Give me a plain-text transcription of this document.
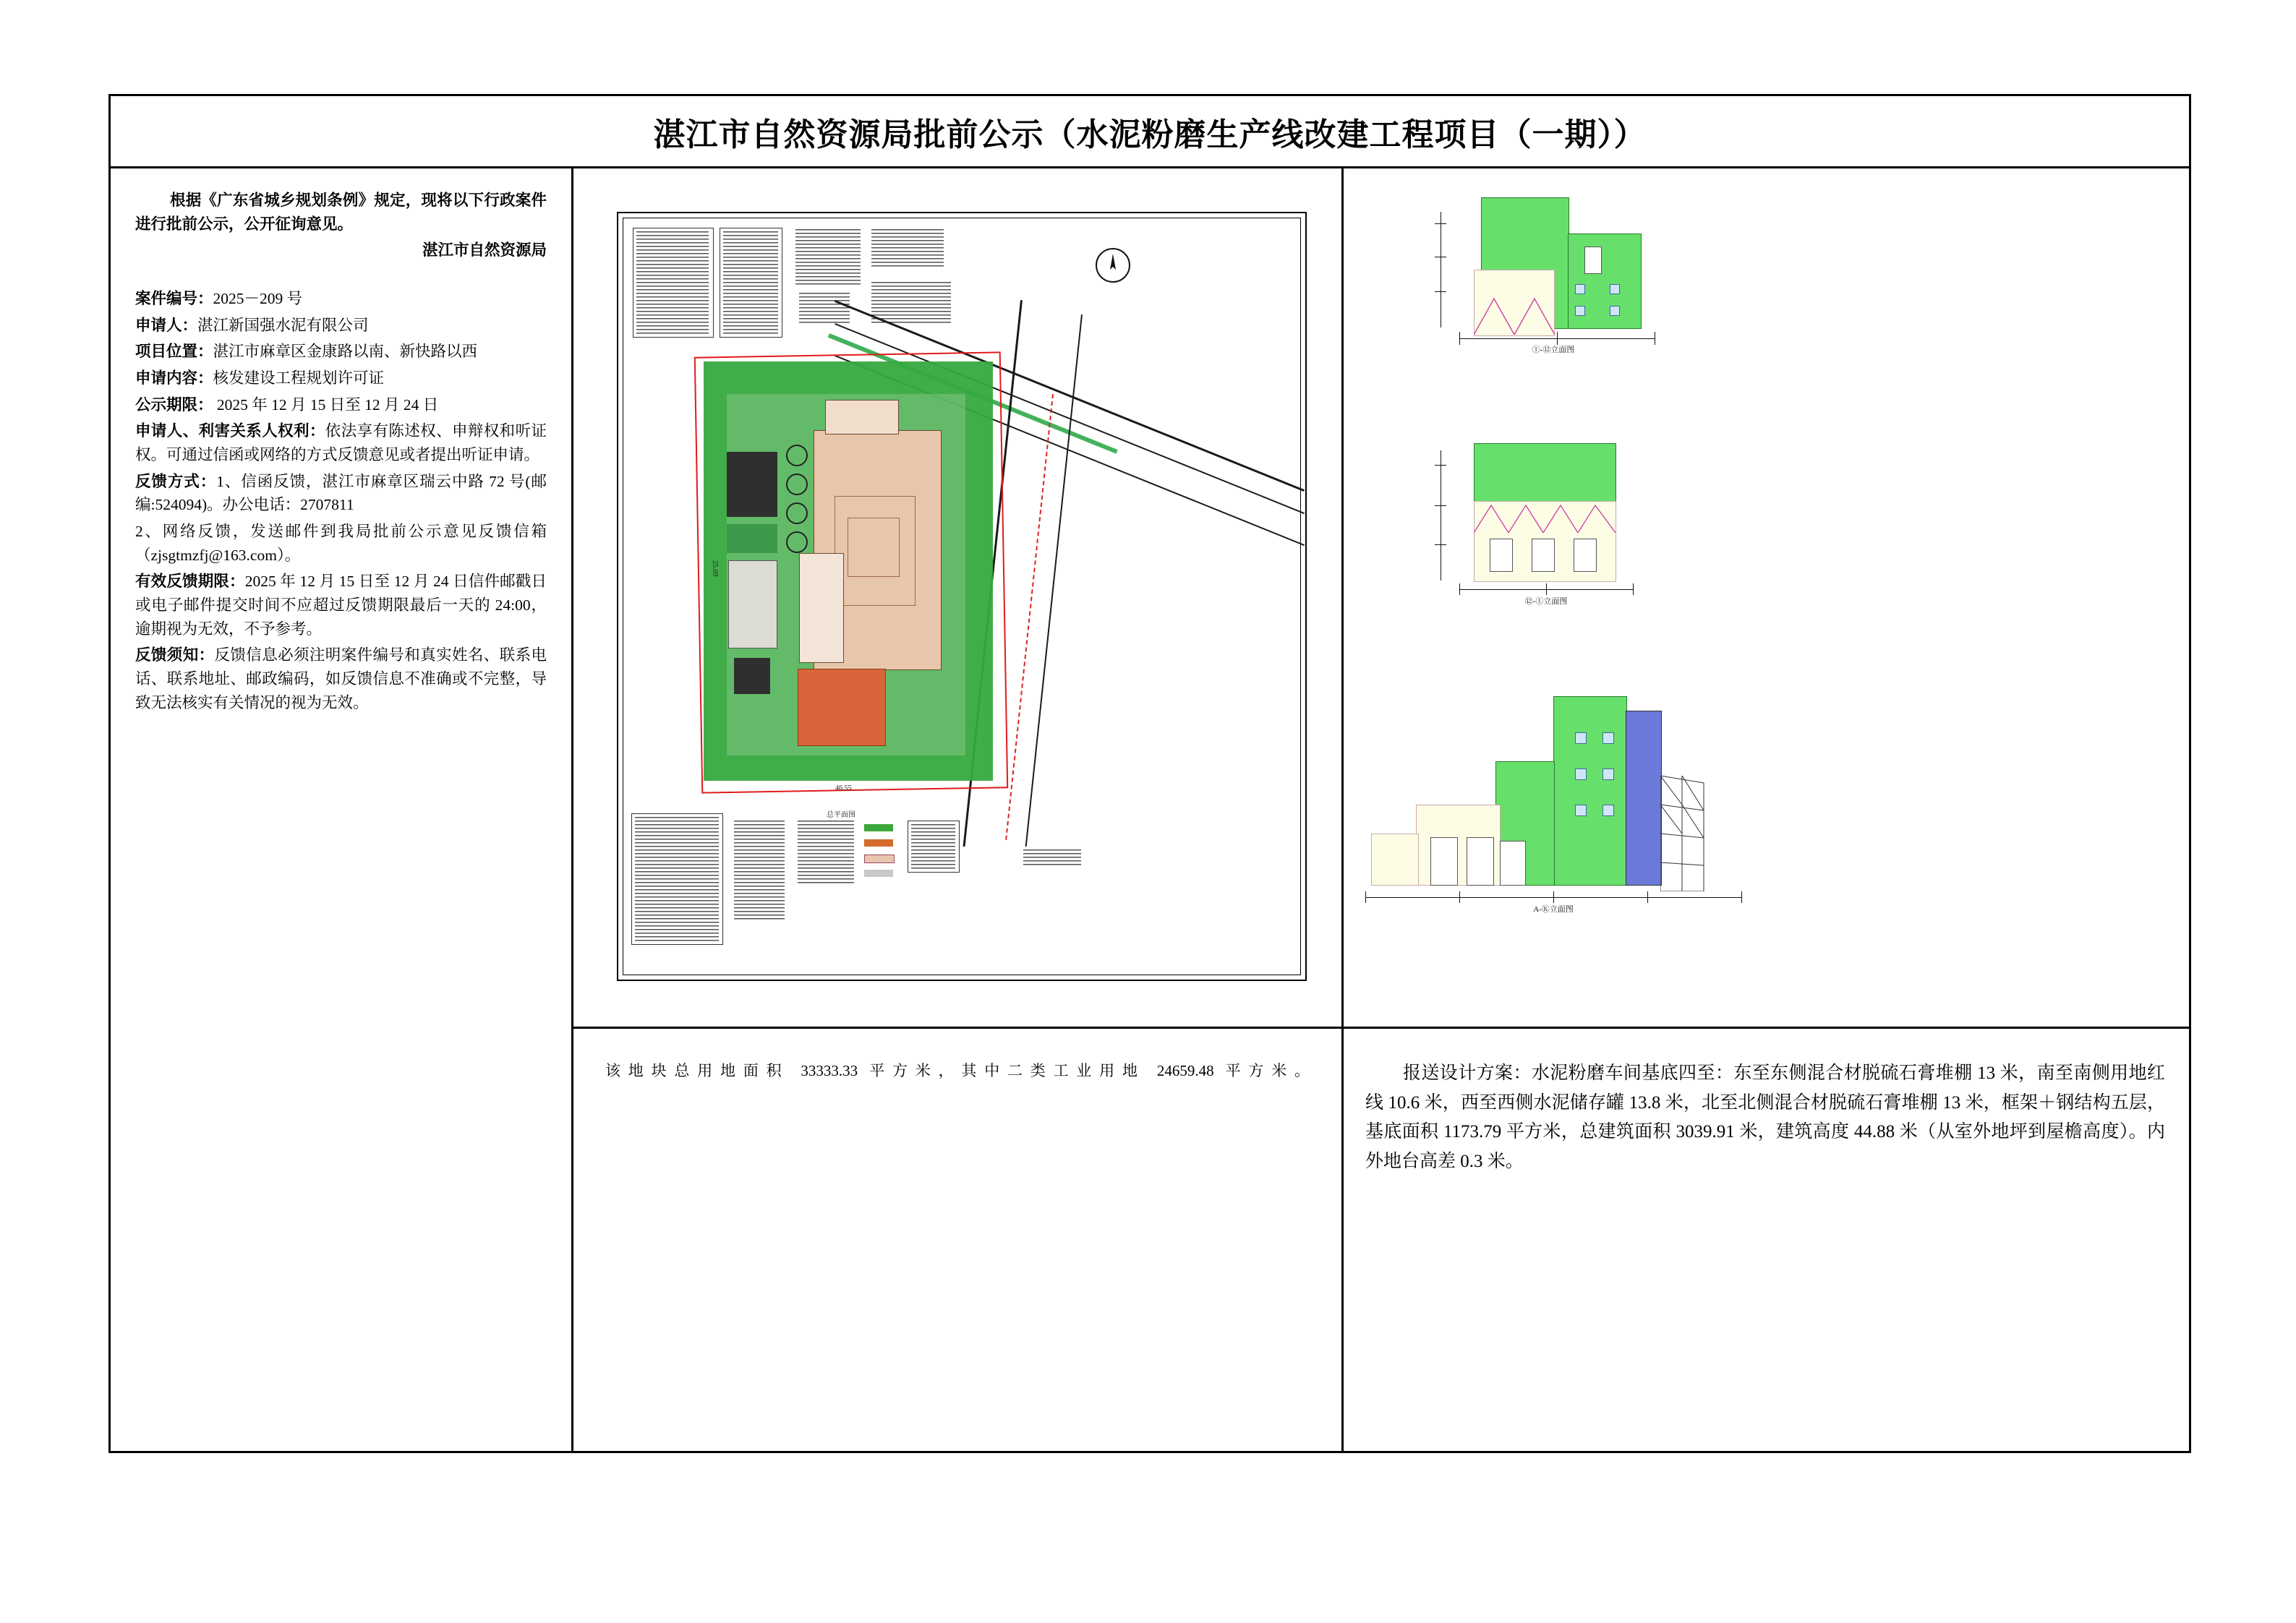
湛江市自然资源局批前公示（水泥粉磨生产线改建工程项目（一期））

根据《广东省城乡规划条例》规定，现将以下行政案件进行批前公示，公开征询意见。

湛江市自然资源局

案件编号：2025－209 号

申请人：湛江新国强水泥有限公司

项目位置：湛江市麻章区金康路以南、新快路以西

申请内容：核发建设工程规划许可证

公示期限： 2025 年 12 月 15 日至 12 月 24 日

申请人、利害关系人权利：依法享有陈述权、申辩权和听证权。可通过信函或网络的方式反馈意见或者提出听证申请。

反馈方式：1、信函反馈，湛江市麻章区瑞云中路 72 号(邮编:524094)。办公电话：2707811

2、网络反馈，发送邮件到我局批前公示意见反馈信箱（zjsgtmzfj@163.com）。

有效反馈期限：2025 年 12 月 15 日至 12 月 24 日信件邮戳日或电子邮件提交时间不应超过反馈期限最后一天的 24:00，逾期视为无效，不予参考。

反馈须知：反馈信息必须注明案件编号和真实姓名、联系电话、联系地址、邮政编码，如反馈信息不准确或不完整，导致无法核实有关情况的视为无效。

25.09
46.55
总平面图
①-⑫立面图
⑫-①立面图
A-Ⓚ立面图

该地块总用地面积 33333.33 平方米，其中二类工业用地 24659.48 平方米。	报送设计方案：水泥粉磨车间基底四至：东至东侧混合材脱硫石膏堆棚 13 米，南至南侧用地红线 10.6 米，西至西侧水泥储存罐 13.8 米，北至北侧混合材脱硫石膏堆棚 13 米，框架＋钢结构五层，基底面积 1173.79 平方米，总建筑面积 3039.91 米，建筑高度 44.88 米（从室外地坪到屋檐高度）。内外地台高差 0.3 米。
